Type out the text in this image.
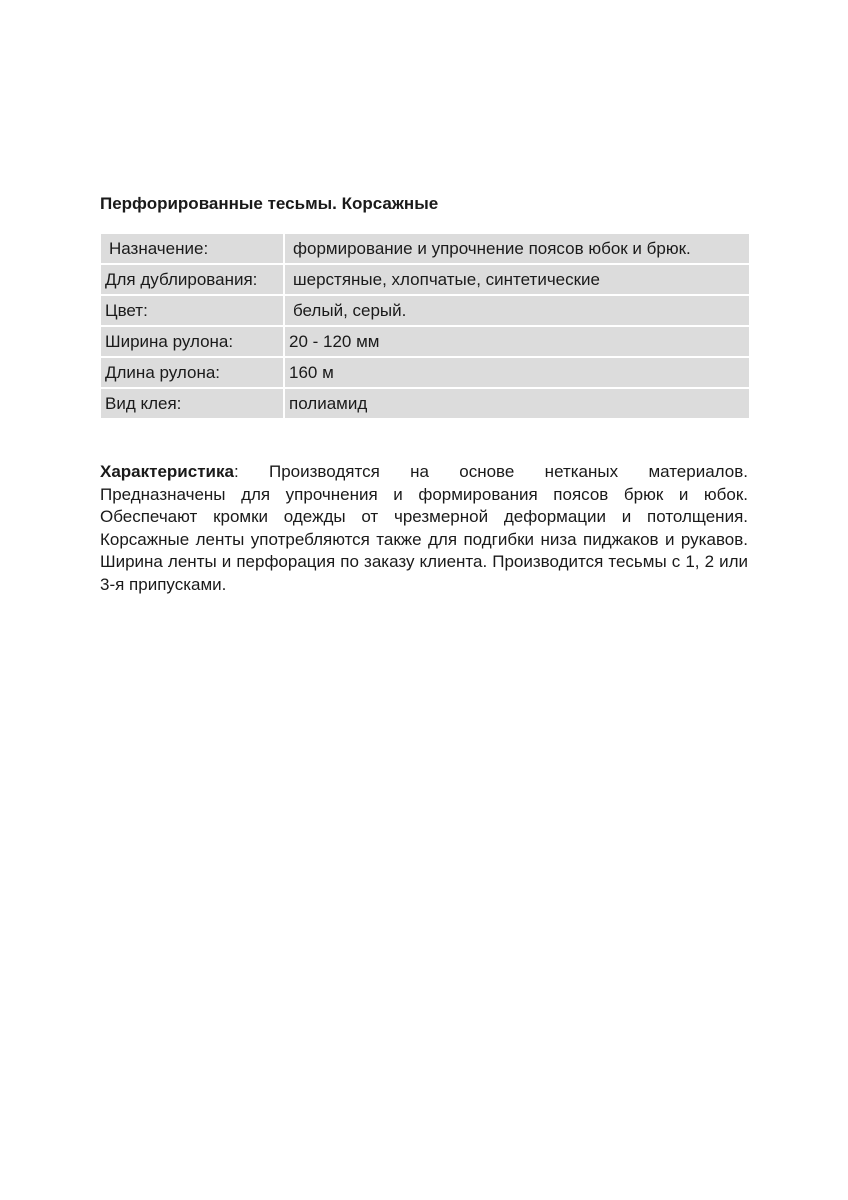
Перфорированные тесьмы. Корсажные
Назначение:	формирование и упрочнение поясов юбок и брюк.
Для дублирования:	шерстяные, хлопчатые, синтетические
Цвет:	белый, серый.
Ширина рулона:	20 - 120 мм
Длина рулона:	160 м
Вид клея:	полиамид
Характеристика: Производятся на основе нетканых материалов. Предназначены для упрочнения и формирования поясов брюк и юбок. Обеспечают кромки одежды от чрезмерной деформации и потолщения. Корсажные ленты употребляются также для подгибки низа пиджаков и рукавов. Ширина ленты и перфорация по заказу клиента. Производится тесьмы с 1, 2 или 3-я припусками.
